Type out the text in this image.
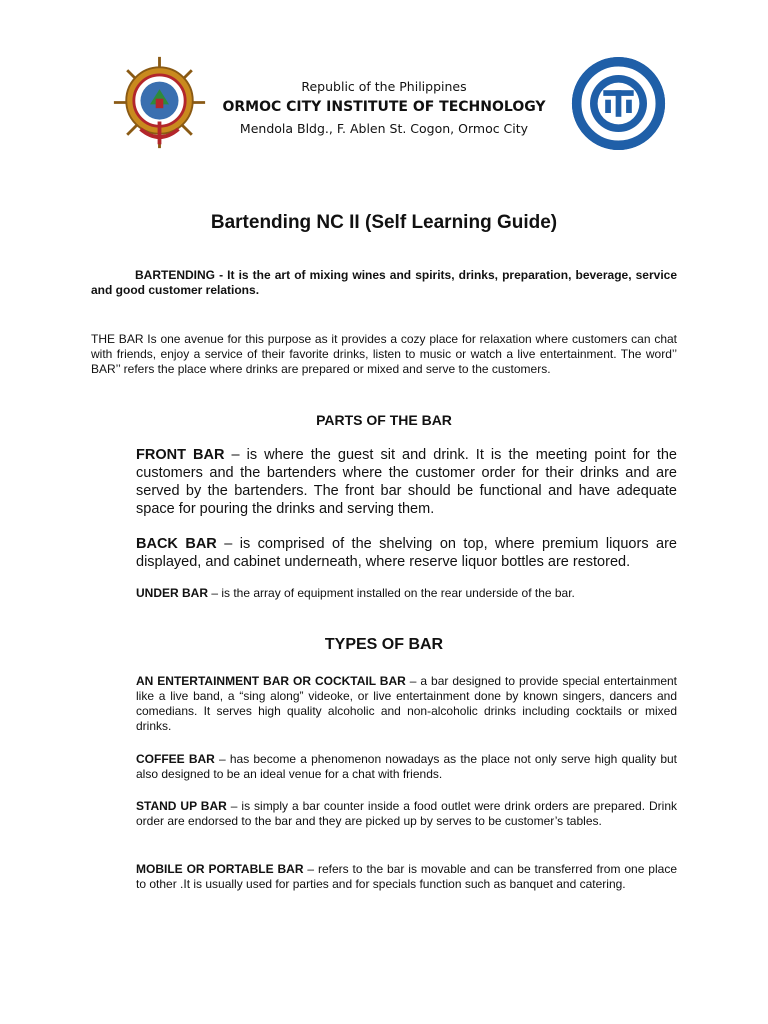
Republic of the Philippines
ORMOC CITY INSTITUTE OF TECHNOLOGY
Mendola Bldg., F. Ablen St. Cogon, Ormoc City
Bartending NC II (Self Learning Guide)
BARTENDING - It is the art of mixing wines and spirits, drinks, preparation, beverage, service and good customer relations.
THE BAR Is one avenue for this purpose as it provides a cozy place for relaxation where customers can chat with friends, enjoy a service of their favorite drinks, listen to music or watch a live entertainment. The word’’ BAR’’ refers the place where drinks are prepared or mixed and serve to the customers.
PARTS OF THE BAR
FRONT BAR – is where the guest sit and drink. It is the meeting point for the customers and the bartenders where the customer order for their drinks and are served by the bartenders. The front bar should be functional and have adequate space for pouring the drinks and serving them.
BACK BAR – is comprised of the shelving on top, where premium liquors are displayed, and cabinet underneath, where reserve liquor bottles are restored.
UNDER BAR – is the array of equipment installed on the rear underside of the bar.
TYPES OF BAR
AN ENTERTAINMENT BAR OR COCKTAIL BAR – a bar designed to provide special entertainment like a live band, a “sing along” videoke, or live entertainment done by known singers, dancers and comedians. It serves high quality alcoholic and non-alcoholic drinks including cocktails or mixed drinks.
COFFEE BAR – has become a phenomenon nowadays as the place not only serve high quality but also designed to be an ideal venue for a chat with friends.
STAND UP BAR – is simply a bar counter inside a food outlet were drink orders are prepared. Drink order are endorsed to the bar and they are picked up by serves to be customer’s tables.
MOBILE OR PORTABLE BAR – refers to the bar is movable and can be transferred from one place to other .It is usually used for parties and for specials function such as banquet and catering.
